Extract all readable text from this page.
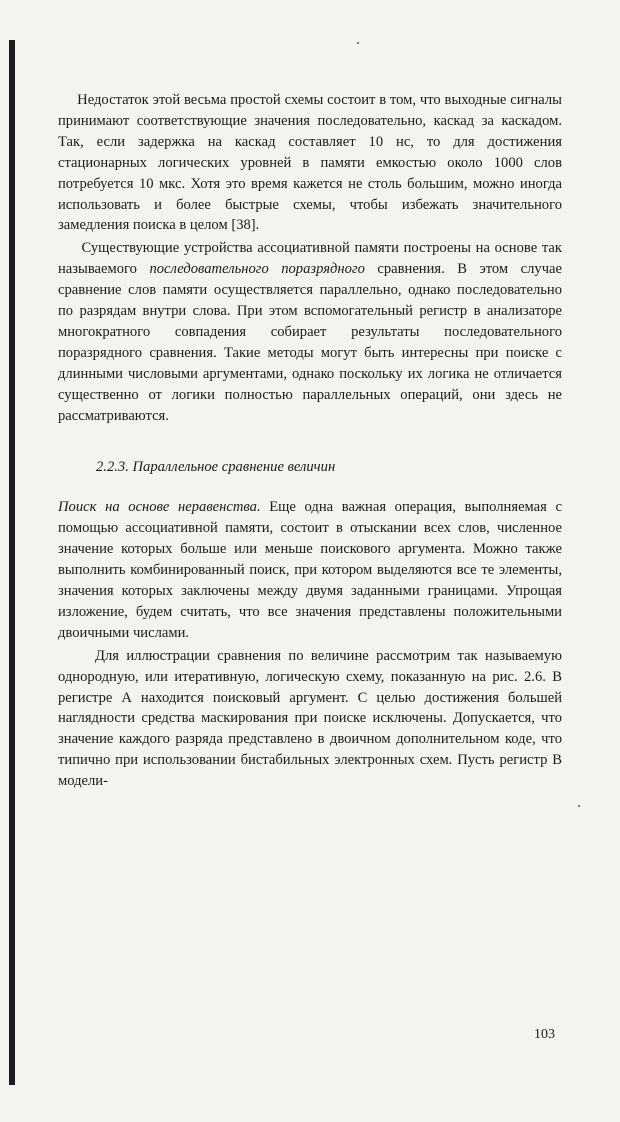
Недостаток этой весьма простой схемы состоит в том, что выходные сигналы принимают соответствующие значения последовательно, каскад за каскадом. Так, если задержка на каскад составляет 10 нс, то для достижения стационарных логических уровней в памяти емкостью около 1000 слов потребуется 10 мкс. Хотя это время кажется не столь большим, можно иногда использовать и более быстрые схемы, чтобы избежать значительного замедления поиска в целом [38].

Существующие устройства ассоциативной памяти построены на основе так называемого последовательного поразрядного сравнения. В этом случае сравнение слов памяти осуществляется параллельно, однако последовательно по разрядам внутри слова. При этом вспомогательный регистр в анализаторе многократного совпадения собирает результаты последовательного поразрядного сравнения. Такие методы могут быть интересны при поиске с длинными числовыми аргументами, однако поскольку их логика не отличается существенно от логики полностью параллельных операций, они здесь не рассматриваются.

2.2.3. Параллельное сравнение величин

Поиск на основе неравенства. Еще одна важная операция, выполняемая с помощью ассоциативной памяти, состоит в отыскании всех слов, численное значение которых больше или меньше поискового аргумента. Можно также выполнить комбинированный поиск, при котором выделяются все те элементы, значения которых заключены между двумя заданными границами. Упрощая изложение, будем считать, что все значения представлены положительными двоичными числами.

Для иллюстрации сравнения по величине рассмотрим так называемую однородную, или итеративную, логическую схему, показанную на рис. 2.6. В регистре А находится поисковый аргумент. С целью достижения большей наглядности средства маскирования при поиске исключены. Допускается, что значение каждого разряда представлено в двоичном дополнительном коде, что типично при использовании бистабильных электронных схем. Пусть регистр В модели-

103
